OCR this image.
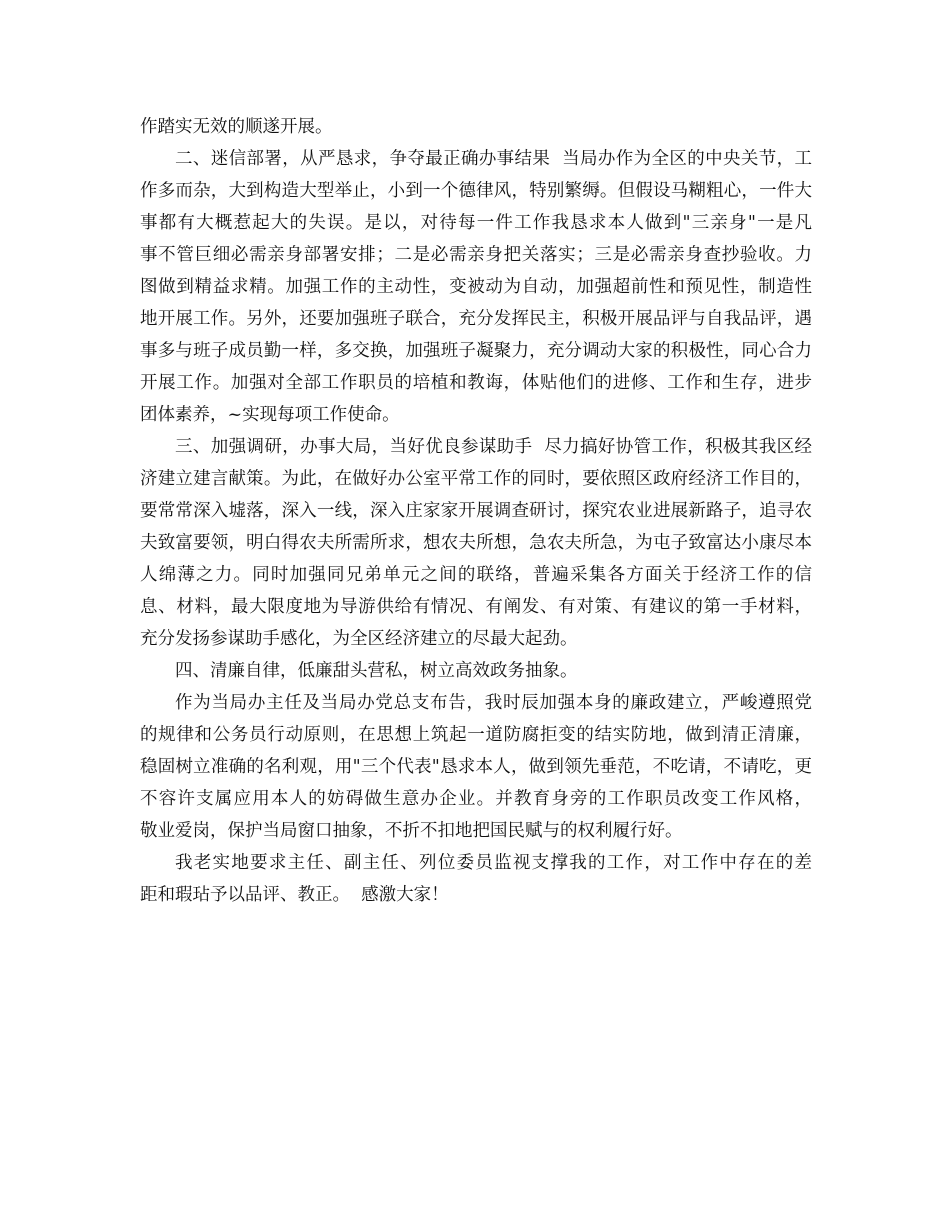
作踏实无效的顺遂开展。
二、迷信部署，从严恳求，争夺最正确办事结果  当局办作为全区的中央关节，工
作多而杂，大到构造大型举止，小到一个德律风，特别繁缛。但假设马糊粗心，一件大
事都有大概惹起大的失误。是以，对待每一件工作我恳求本人做到"三亲身"一是凡
事不管巨细必需亲身部署安排；二是必需亲身把关落实；三是必需亲身查抄验收。力
图做到精益求精。加强工作的主动性，变被动为自动，加强超前性和预见性，制造性
地开展工作。另外，还要加强班子联合，充分发挥民主，积极开展品评与自我品评，遇
事多与班子成员勤一样，多交换，加强班子凝聚力，充分调动大家的积极性，同心合力
开展工作。加强对全部工作职员的培植和教诲，体贴他们的进修、工作和生存，进步
团体素养，~实现每项工作使命。
三、加强调研，办事大局，当好优良参谋助手  尽力搞好协管工作，积极其我区经
济建立建言献策。为此，在做好办公室平常工作的同时，要依照区政府经济工作目的，
要常常深入墟落，深入一线，深入庄家家开展调查研讨，探究农业进展新路子，追寻农
夫致富要领，明白得农夫所需所求，想农夫所想，急农夫所急，为屯子致富达小康尽本
人绵薄之力。同时加强同兄弟单元之间的联络，普遍采集各方面关于经济工作的信
息、材料，最大限度地为导游供给有情况、有阐发、有对策、有建议的第一手材料，
充分发扬参谋助手感化，为全区经济建立的尽最大起劲。
四、清廉自律，低廉甜头营私，树立高效政务抽象。
作为当局办主任及当局办党总支布告，我时辰加强本身的廉政建立，严峻遵照党
的规律和公务员行动原则，在思想上筑起一道防腐拒变的结实防地，做到清正清廉，
稳固树立准确的名利观，用"三个代表"恳求本人，做到领先垂范，不吃请，不请吃，更
不容许支属应用本人的妨碍做生意办企业。并教育身旁的工作职员改变工作风格，
敬业爱岗，保护当局窗口抽象，不折不扣地把国民赋与的权利履行好。
我老实地要求主任、副主任、列位委员监视支撑我的工作，对工作中存在的差
距和瑕玷予以品评、教正。  感激大家！
